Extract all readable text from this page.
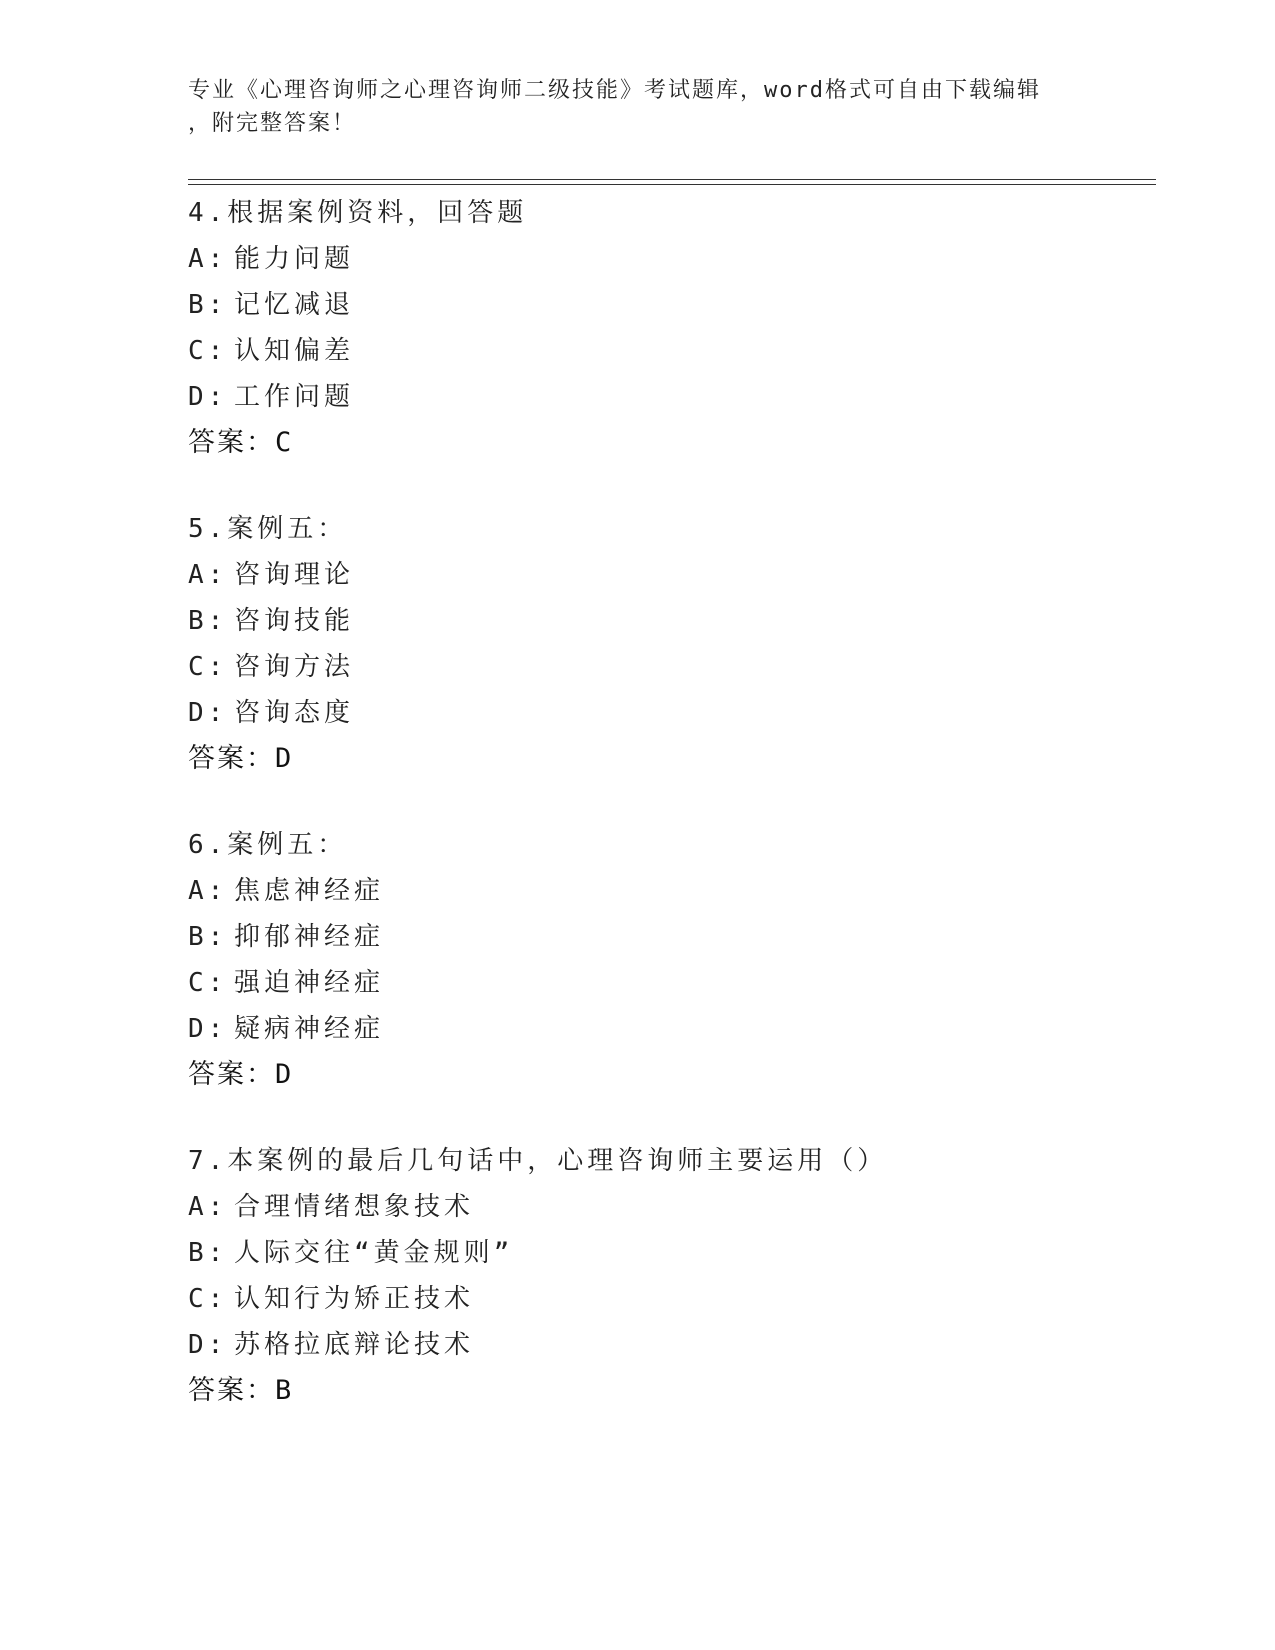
专业《心理咨询师之心理咨询师二级技能》考试题库，word格式可自由下载编辑
，附完整答案！
4.根据案例资料，回答题
A: 能力问题
B: 记忆减退
C: 认知偏差
D: 工作问题
答案：C
5.案例五：
A: 咨询理论
B: 咨询技能
C: 咨询方法
D: 咨询态度
答案：D
6.案例五：
A: 焦虑神经症
B: 抑郁神经症
C: 强迫神经症
D: 疑病神经症
答案：D
7.本案例的最后几句话中，心理咨询师主要运用（）
A: 合理情绪想象技术
B: 人际交往“黄金规则”
C: 认知行为矫正技术
D: 苏格拉底辩论技术
答案：B
